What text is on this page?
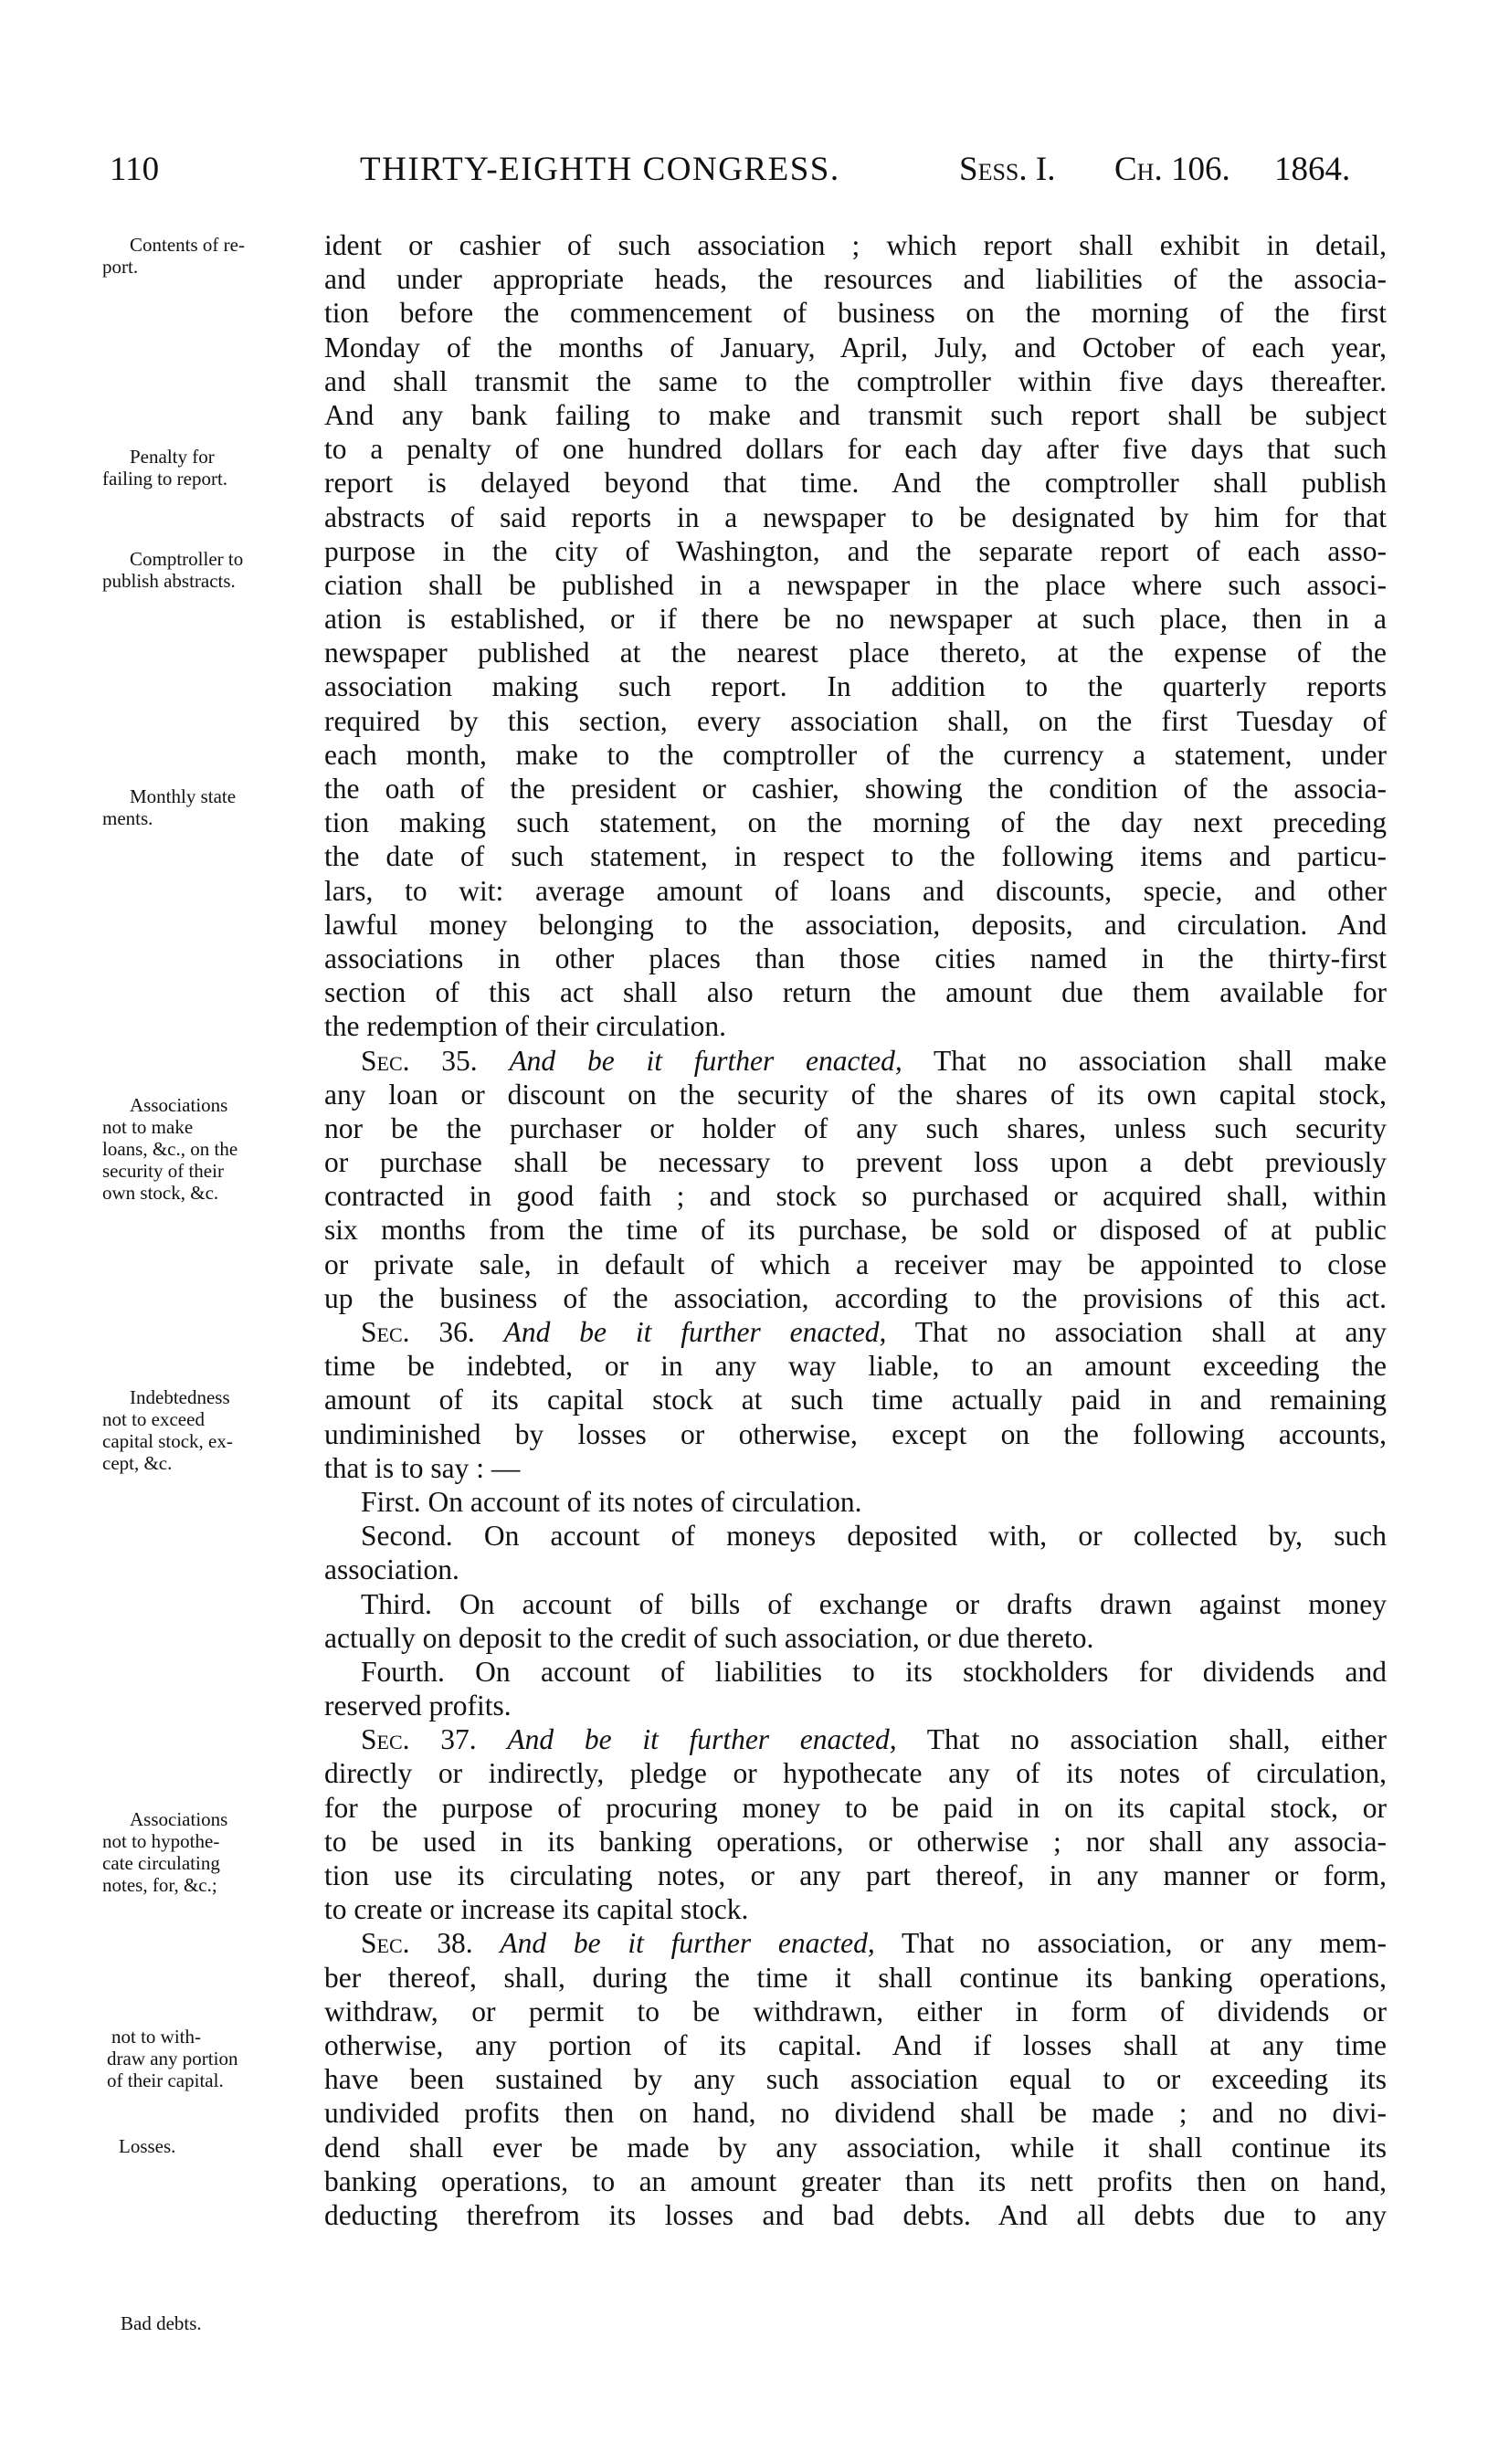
110	THIRTY-EIGHTH CONGRESS.	Sess. I. Ch. 106. 1864.
Contents of re-
port.
Penalty for
failing to report.
Comptroller to
publish abstracts.
Monthly state
ments.
Associations
not to make
loans, &c., on the
security of their
own stock, &c.
Indebtedness
not to exceed
capital stock, ex-
cept, &c.
Associations
not to hypothe-
cate circulating
notes, for, &c.;
not to with-
draw any portion
of their capital.
Losses.
Bad debts.
ident or cashier of such association ; which report shall exhibit in detail,
and under appropriate heads, the resources and liabilities of the associa-
tion before the commencement of business on the morning of the first
Monday of the months of January, April, July, and October of each year,
and shall transmit the same to the comptroller within five days thereafter.
And any bank failing to make and transmit such report shall be subject
to a penalty of one hundred dollars for each day after five days that such
report is delayed beyond that time. And the comptroller shall publish
abstracts of said reports in a newspaper to be designated by him for that
purpose in the city of Washington, and the separate report of each asso-
ciation shall be published in a newspaper in the place where such associ-
ation is established, or if there be no newspaper at such place, then in a
newspaper published at the nearest place thereto, at the expense of the
association making such report. In addition to the quarterly reports
required by this section, every association shall, on the first Tuesday of
each month, make to the comptroller of the currency a statement, under
the oath of the president or cashier, showing the condition of the associa-
tion making such statement, on the morning of the day next preceding
the date of such statement, in respect to the following items and particu-
lars, to wit: average amount of loans and discounts, specie, and other
lawful money belonging to the association, deposits, and circulation. And
associations in other places than those cities named in the thirty-first
section of this act shall also return the amount due them available for
the redemption of their circulation.
Sec. 35. And be it further enacted, That no association shall make
any loan or discount on the security of the shares of its own capital stock,
nor be the purchaser or holder of any such shares, unless such security
or purchase shall be necessary to prevent loss upon a debt previously
contracted in good faith ; and stock so purchased or acquired shall, within
six months from the time of its purchase, be sold or disposed of at public
or private sale, in default of which a receiver may be appointed to close
up the business of the association, according to the provisions of this act.
Sec. 36. And be it further enacted, That no association shall at any
time be indebted, or in any way liable, to an amount exceeding the
amount of its capital stock at such time actually paid in and remaining
undiminished by losses or otherwise, except on the following accounts,
that is to say : —
First. On account of its notes of circulation.
Second. On account of moneys deposited with, or collected by, such
association.
Third. On account of bills of exchange or drafts drawn against money
actually on deposit to the credit of such association, or due thereto.
Fourth. On account of liabilities to its stockholders for dividends and
reserved profits.
Sec. 37. And be it further enacted, That no association shall, either
directly or indirectly, pledge or hypothecate any of its notes of circulation,
for the purpose of procuring money to be paid in on its capital stock, or
to be used in its banking operations, or otherwise ; nor shall any associa-
tion use its circulating notes, or any part thereof, in any manner or form,
to create or increase its capital stock.
Sec. 38. And be it further enacted, That no association, or any mem-
ber thereof, shall, during the time it shall continue its banking operations,
withdraw, or permit to be withdrawn, either in form of dividends or
otherwise, any portion of its capital. And if losses shall at any time
have been sustained by any such association equal to or exceeding its
undivided profits then on hand, no dividend shall be made ; and no divi-
dend shall ever be made by any association, while it shall continue its
banking operations, to an amount greater than its nett profits then on hand,
deducting therefrom its losses and bad debts. And all debts due to any
